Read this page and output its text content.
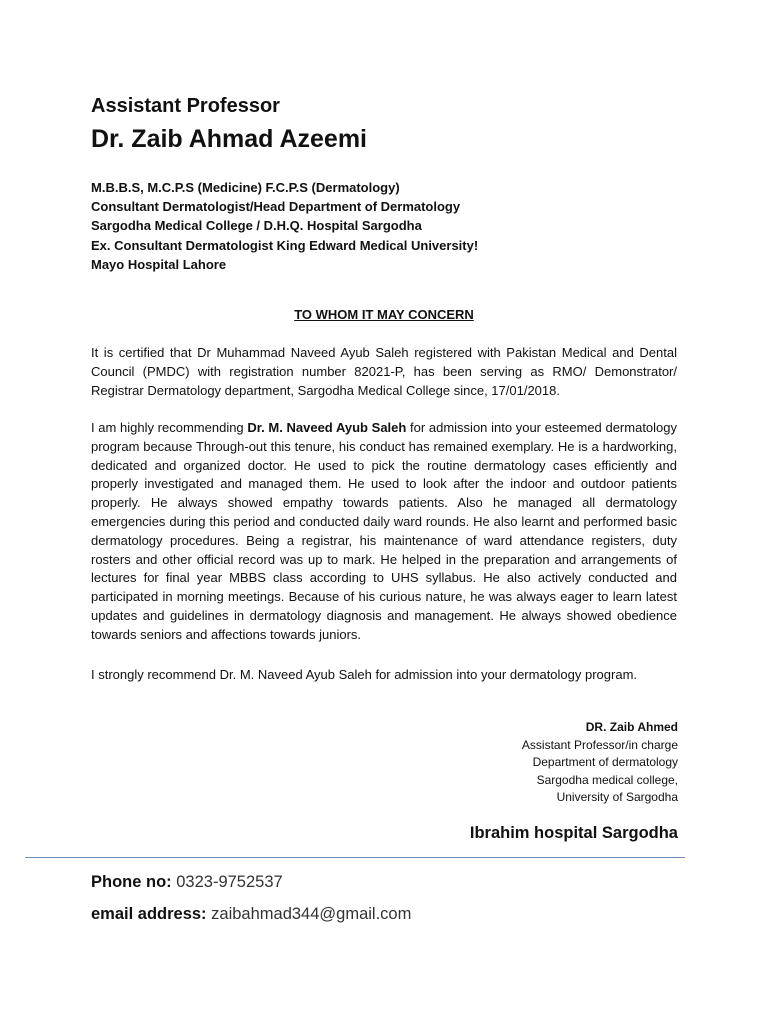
Assistant Professor
Dr. Zaib Ahmad Azeemi
M.B.B.S, M.C.P.S (Medicine) F.C.P.S (Dermatology)
Consultant Dermatologist/Head Department of Dermatology
Sargodha Medical College / D.H.Q. Hospital Sargodha
Ex. Consultant Dermatologist King Edward Medical University!
Mayo Hospital Lahore
TO WHOM IT MAY CONCERN
It is certified that Dr Muhammad Naveed Ayub Saleh registered with Pakistan Medical and Dental Council (PMDC) with registration number 82021-P, has been serving as RMO/ Demonstrator/ Registrar Dermatology department, Sargodha Medical College since, 17/01/2018.
I am highly recommending Dr. M. Naveed Ayub Saleh for admission into your esteemed dermatology program because Through-out this tenure, his conduct has remained exemplary. He is a hardworking, dedicated and organized doctor. He used to pick the routine dermatology cases efficiently and properly investigated and managed them. He used to look after the indoor and outdoor patients properly. He always showed empathy towards patients. Also he managed all dermatology emergencies during this period and conducted daily ward rounds. He also learnt and performed basic dermatology procedures. Being a registrar, his maintenance of ward attendance registers, duty rosters and other official record was up to mark. He helped in the preparation and arrangements of lectures for final year MBBS class according to UHS syllabus. He also actively conducted and participated in morning meetings. Because of his curious nature, he was always eager to learn latest updates and guidelines in dermatology diagnosis and management. He always showed obedience towards seniors and affections towards juniors.
I strongly recommend Dr. M. Naveed Ayub Saleh for admission into your dermatology program.
DR. Zaib Ahmed
Assistant Professor/in charge
Department of dermatology
Sargodha medical college,
University of Sargodha
Ibrahim hospital Sargodha
Phone no: 0323-9752537
email address: zaibahmad344@gmail.com
